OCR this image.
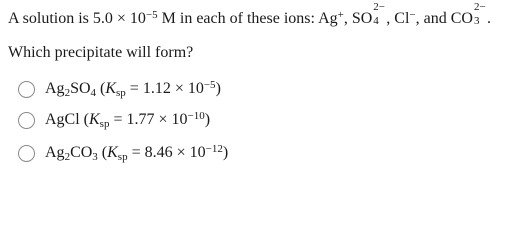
A solution is $5.0 \times 10^{-5}$ M in each of these ions: Ag+, SO
2−
4 , Cl−, and CO
2−
3 .
Which precipitate will form?
$Ag_2SO_4$ $(K_{sp} = 1.12 \times 10^{-5})$
AgCl $(K_{sp} = 1.77 \times 10^{-10})$
$Ag_2CO_3$ $(K_{sp} = 8.46 \times 10^{-12})$
